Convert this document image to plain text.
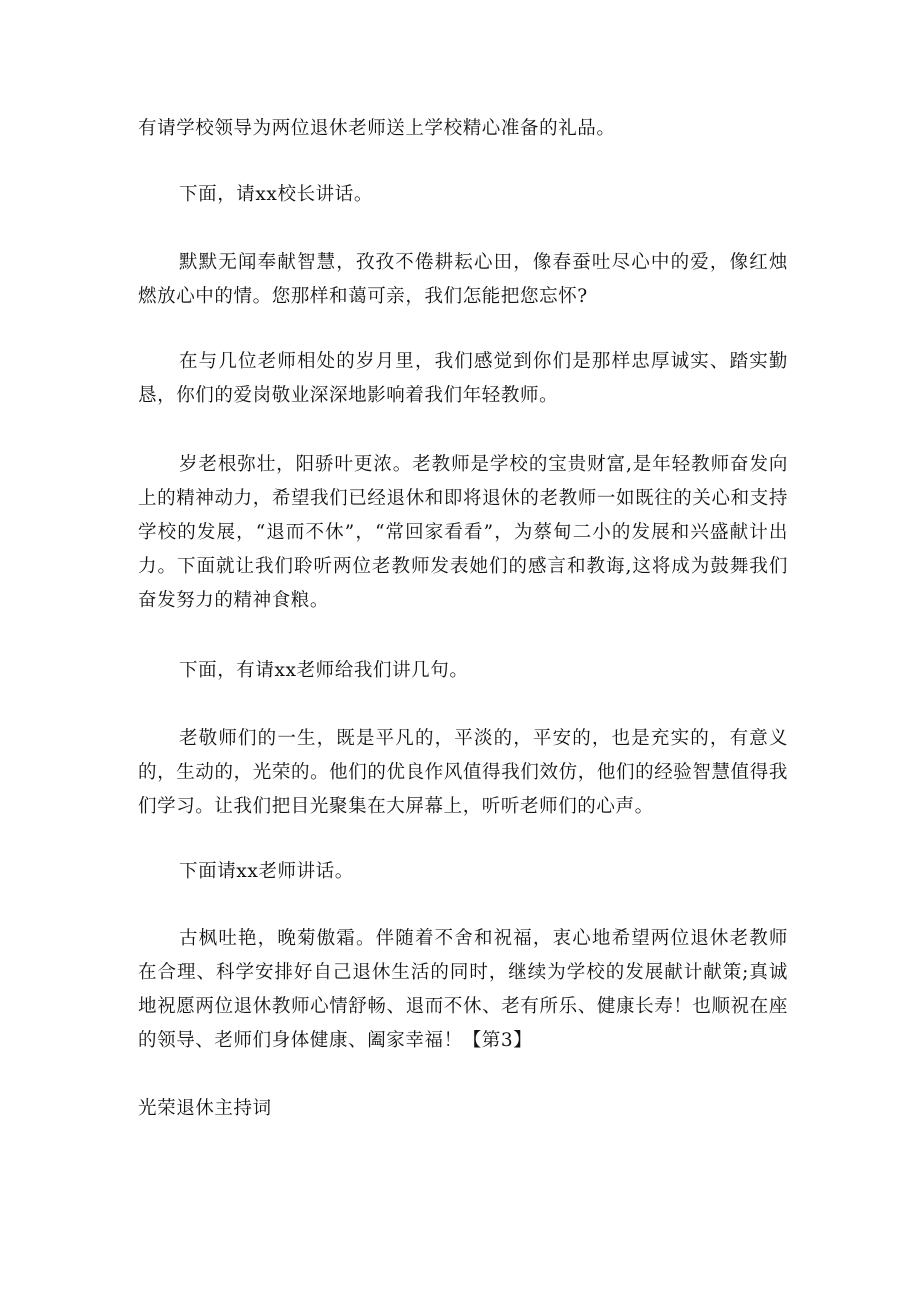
有请学校领导为两位退休老师送上学校精心准备的礼品。

下面，请xx校长讲话。

默默无闻奉献智慧，孜孜不倦耕耘心田，像春蚕吐尽心中的爱，像红烛燃放心中的情。您那样和蔼可亲，我们怎能把您忘怀?

在与几位老师相处的岁月里，我们感觉到你们是那样忠厚诚实、踏实勤恳，你们的爱岗敬业深深地影响着我们年轻教师。

岁老根弥壮，阳骄叶更浓。老教师是学校的宝贵财富,是年轻教师奋发向上的精神动力，希望我们已经退休和即将退休的老教师一如既往的关心和支持学校的发展，“退而不休”，“常回家看看”，为蔡甸二小的发展和兴盛献计出力。下面就让我们聆听两位老教师发表她们的感言和教诲,这将成为鼓舞我们奋发努力的精神食粮。

下面，有请xx老师给我们讲几句。

老敬师们的一生，既是平凡的，平淡的，平安的，也是充实的，有意义的，生动的，光荣的。他们的优良作风值得我们效仿，他们的经验智慧值得我们学习。让我们把目光聚集在大屏幕上，听听老师们的心声。

下面请xx老师讲话。

古枫吐艳，晚菊傲霜。伴随着不舍和祝福，衷心地希望两位退休老教师在合理、科学安排好自己退休生活的同时，继续为学校的发展献计献策;真诚地祝愿两位退休教师心情舒畅、退而不休、老有所乐、健康长寿！也顺祝在座的领导、老师们身体健康、阖家幸福！【第3】

光荣退休主持词
